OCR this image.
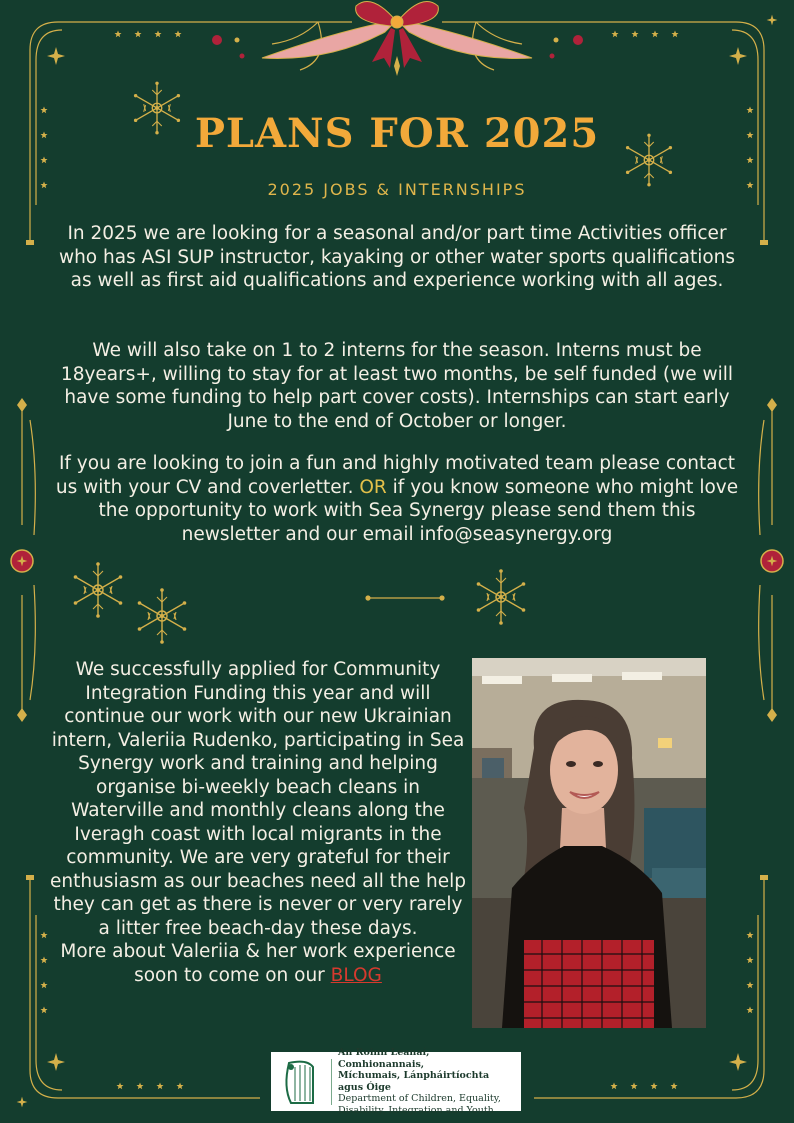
PLANS FOR 2025
2025 JOBS & INTERNSHIPS
In 2025 we are looking for a seasonal and/or part time Activities officer who has ASI SUP instructor, kayaking or other water sports qualifications as well as first aid qualifications and experience working with all ages.
We will also take on 1 to 2 interns for the season. Interns must be 18years+, willing to stay for at least two months, be self funded (we will have some funding to help part cover costs). Internships can start early June to the end of October or longer.
If you are looking to join a fun and highly motivated team please contact us with your CV and coverletter. OR if you know someone who might love the opportunity to work with Sea Synergy please send them this newsletter and our email info@seasynergy.org
We successfully applied for Community Integration Funding this year and will continue our work with our new Ukrainian intern, Valeriia Rudenko, participating in Sea Synergy work and training and helping organise bi-weekly beach cleans in Waterville and monthly cleans along the Iveragh coast with local migrants in the community. We are very grateful for their enthusiasm as our beaches need all the help they can get as there is never or very rarely a litter free beach-day these days.
More about Valeriia & her work experience soon to come on our BLOG
An Roinn Leanaí, Comhionannais,
Míchumais, Lánpháirtíochta agus Óige
Department of Children, Equality,
Disability, Integration and Youth
